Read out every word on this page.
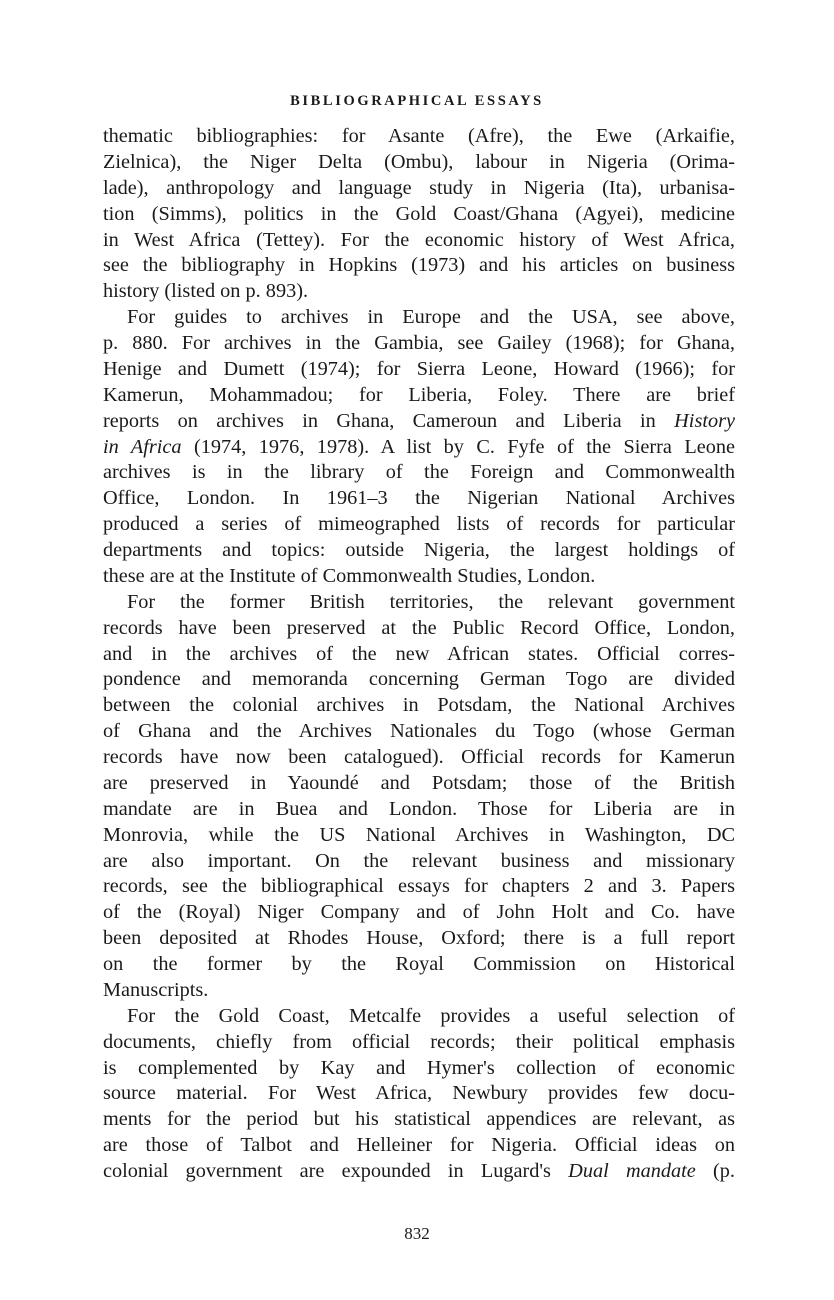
BIBLIOGRAPHICAL ESSAYS
thematic bibliographies: for Asante (Afre), the Ewe (Arkaifie,
Zielnica), the Niger Delta (Ombu), labour in Nigeria (Orima-
lade), anthropology and language study in Nigeria (Ita), urbanisa-
tion (Simms), politics in the Gold Coast/Ghana (Agyei), medicine
in West Africa (Tettey). For the economic history of West Africa,
see the bibliography in Hopkins (1973) and his articles on business
history (listed on p. 893).
For guides to archives in Europe and the USA, see above,
p. 880. For archives in the Gambia, see Gailey (1968); for Ghana,
Henige and Dumett (1974); for Sierra Leone, Howard (1966); for
Kamerun, Mohammadou; for Liberia, Foley. There are brief
reports on archives in Ghana, Cameroun and Liberia in History
in Africa (1974, 1976, 1978). A list by C. Fyfe of the Sierra Leone
archives is in the library of the Foreign and Commonwealth
Office, London. In 1961–3 the Nigerian National Archives
produced a series of mimeographed lists of records for particular
departments and topics: outside Nigeria, the largest holdings of
these are at the Institute of Commonwealth Studies, London.
For the former British territories, the relevant government
records have been preserved at the Public Record Office, London,
and in the archives of the new African states. Official corres-
pondence and memoranda concerning German Togo are divided
between the colonial archives in Potsdam, the National Archives
of Ghana and the Archives Nationales du Togo (whose German
records have now been catalogued). Official records for Kamerun
are preserved in Yaoundé and Potsdam; those of the British
mandate are in Buea and London. Those for Liberia are in
Monrovia, while the US National Archives in Washington, DC
are also important. On the relevant business and missionary
records, see the bibliographical essays for chapters 2 and 3. Papers
of the (Royal) Niger Company and of John Holt and Co. have
been deposited at Rhodes House, Oxford; there is a full report
on the former by the Royal Commission on Historical
Manuscripts.
For the Gold Coast, Metcalfe provides a useful selection of
documents, chiefly from official records; their political emphasis
is complemented by Kay and Hymer's collection of economic
source material. For West Africa, Newbury provides few docu-
ments for the period but his statistical appendices are relevant, as
are those of Talbot and Helleiner for Nigeria. Official ideas on
colonial government are expounded in Lugard's Dual mandate (p.
832
